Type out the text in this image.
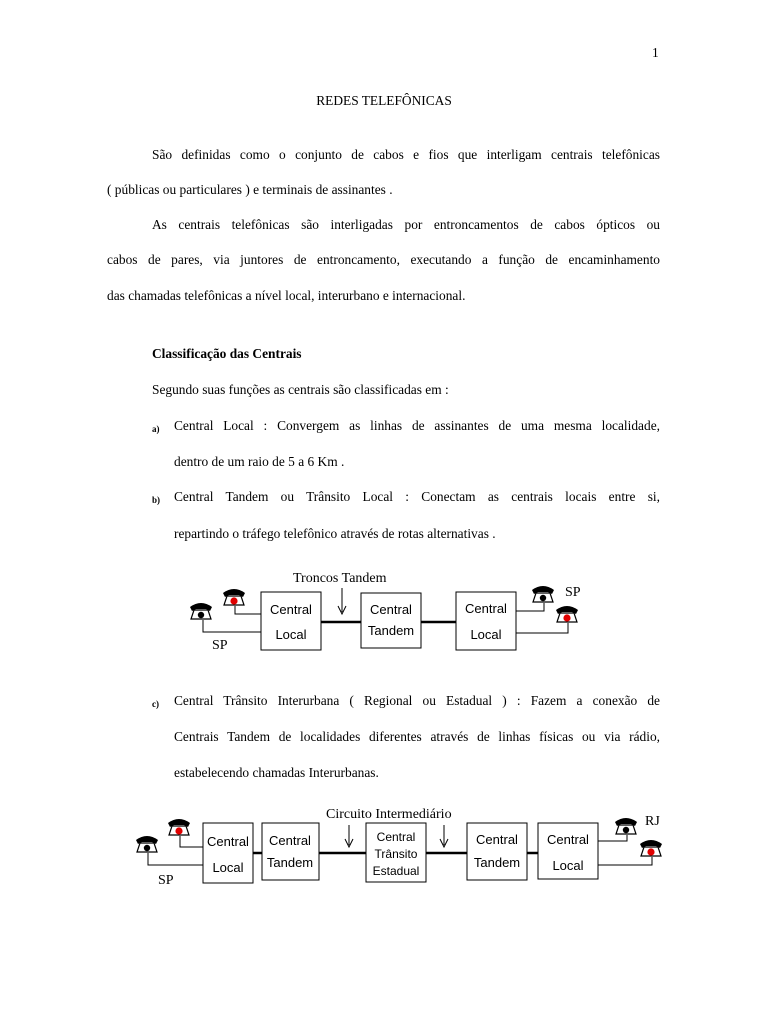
1
REDES TELEFÔNICAS
São definidas como o conjunto de cabos e fios que interligam centrais telefônicas
( públicas ou particulares ) e terminais de assinantes .
As centrais telefônicas são interligadas por entroncamentos de cabos ópticos ou
cabos de pares, via juntores de entroncamento, executando a função de encaminhamento
das chamadas telefônicas a nível local, interurbano e internacional.
Classificação das Centrais
Segundo suas funções as centrais são classificadas em :
a) Central Local : Convergem as linhas de assinantes de uma mesma localidade,
dentro de um raio de 5 a 6 Km .
b) Central Tandem ou Trânsito Local : Conectam as centrais locais entre si,
repartindo o tráfego telefônico através de rotas alternativas .
Troncos Tandem
SP
Central
Local
Central
Tandem
Central
Local
SP
c) Central Trânsito Interurbana ( Regional ou Estadual ) : Fazem a conexão de
Centrais Tandem de localidades diferentes através de linhas físicas ou via rádio,
estabelecendo chamadas Interurbanas.
Circuito Intermediário
SP
Central
Local
Central
Tandem
Central
Trânsito
Estadual
Central
Tandem
Central
Local
RJ
